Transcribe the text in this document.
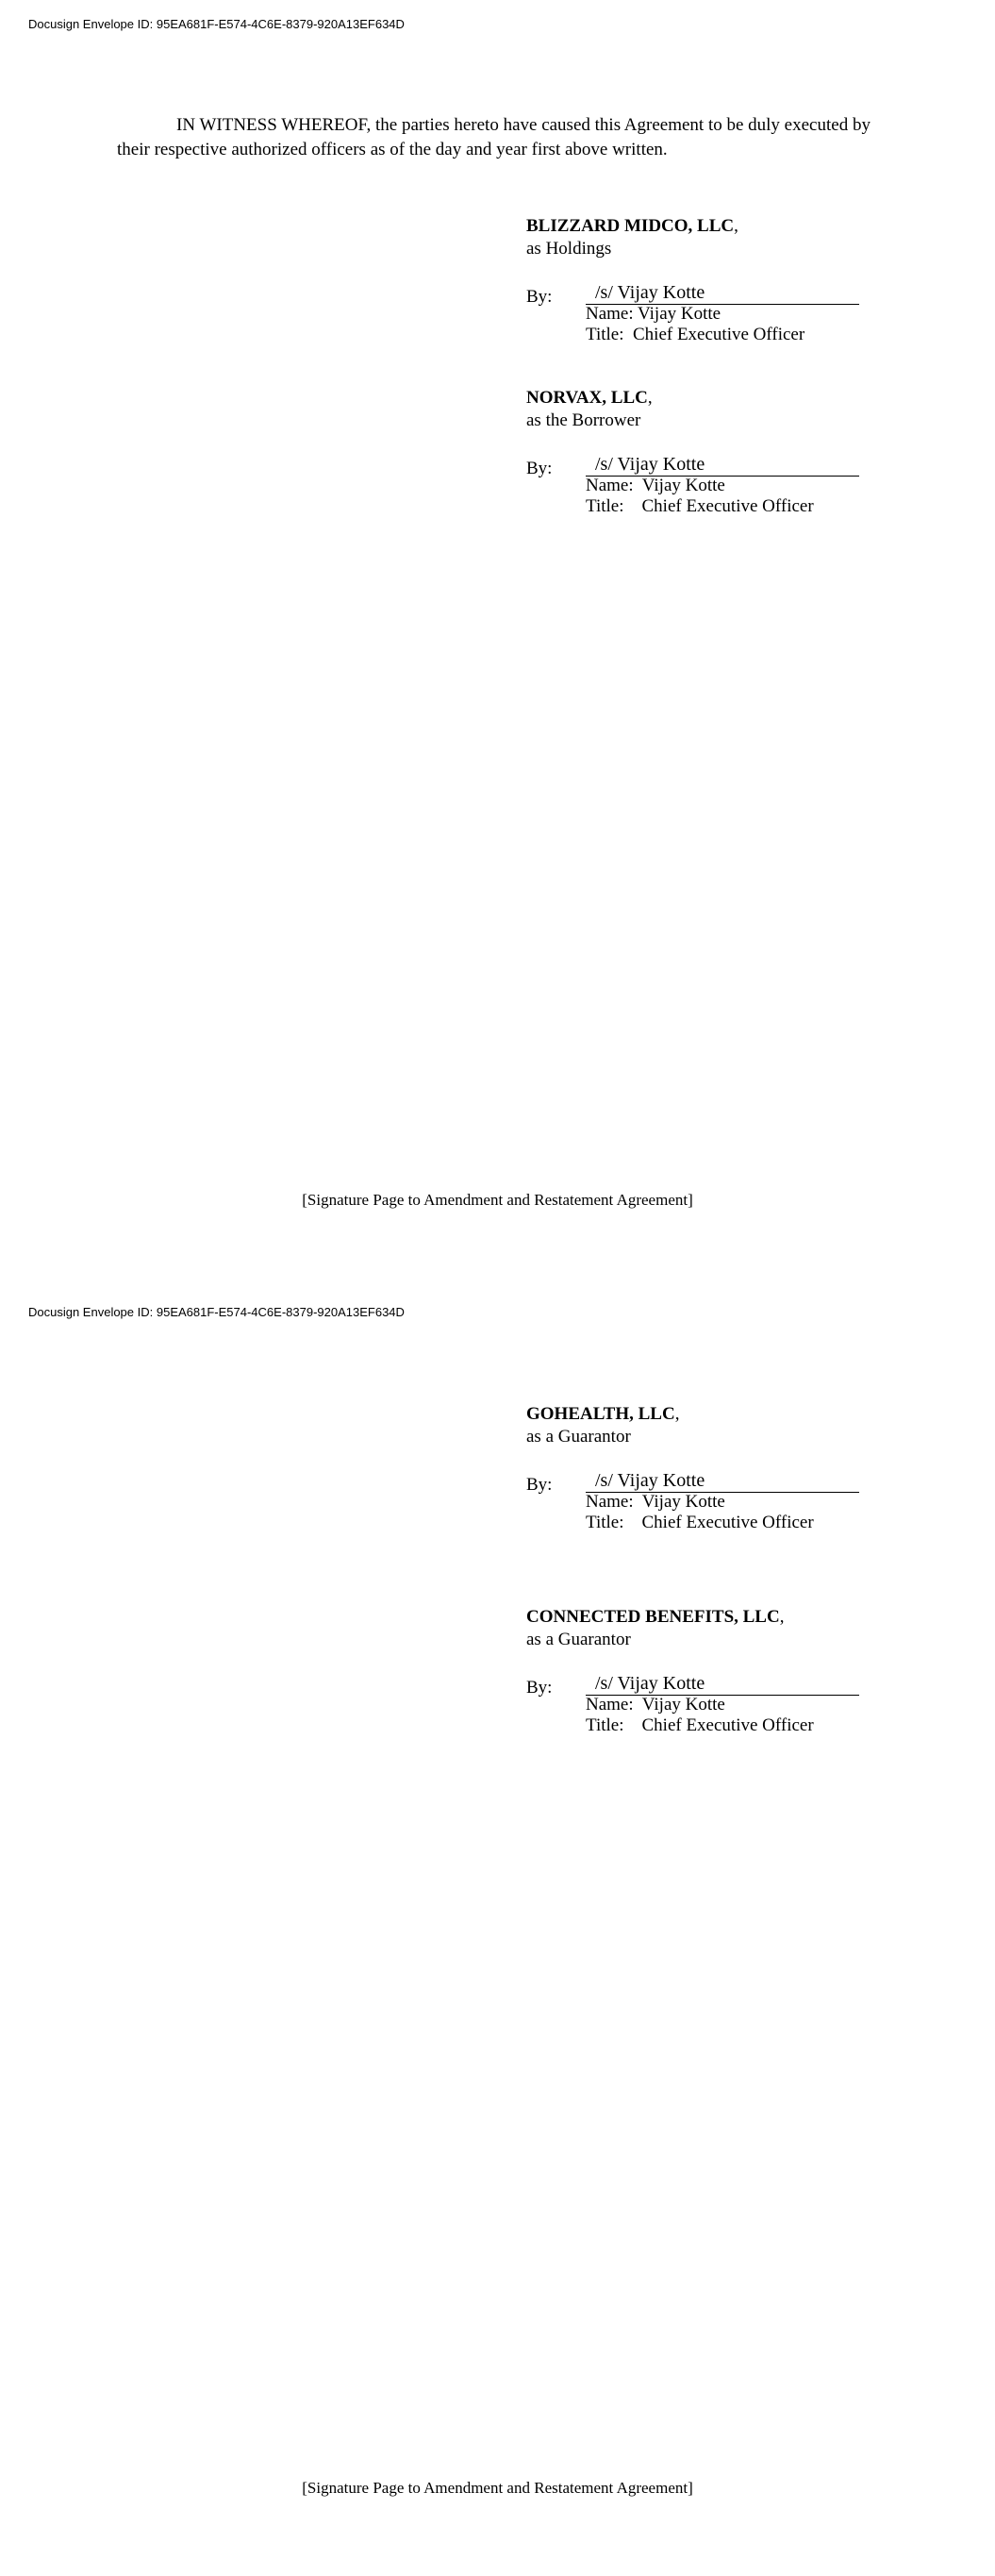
Docusign Envelope ID: 95EA681F-E574-4C6E-8379-920A13EF634D
IN WITNESS WHEREOF, the parties hereto have caused this Agreement to be duly executed by their respective authorized officers as of the day and year first above written.
BLIZZARD MIDCO, LLC,
as Holdings
By: /s/ Vijay Kotte
Name: Vijay Kotte
Title:  Chief Executive Officer
NORVAX, LLC,
as the Borrower
By: /s/ Vijay Kotte
Name:  Vijay Kotte
Title:    Chief Executive Officer
[Signature Page to Amendment and Restatement Agreement]
Docusign Envelope ID: 95EA681F-E574-4C6E-8379-920A13EF634D
GOHEALTH, LLC,
as a Guarantor
By: /s/ Vijay Kotte
Name:  Vijay Kotte
Title:    Chief Executive Officer
CONNECTED BENEFITS, LLC,
as a Guarantor
By: /s/ Vijay Kotte
Name:  Vijay Kotte
Title:    Chief Executive Officer
[Signature Page to Amendment and Restatement Agreement]
